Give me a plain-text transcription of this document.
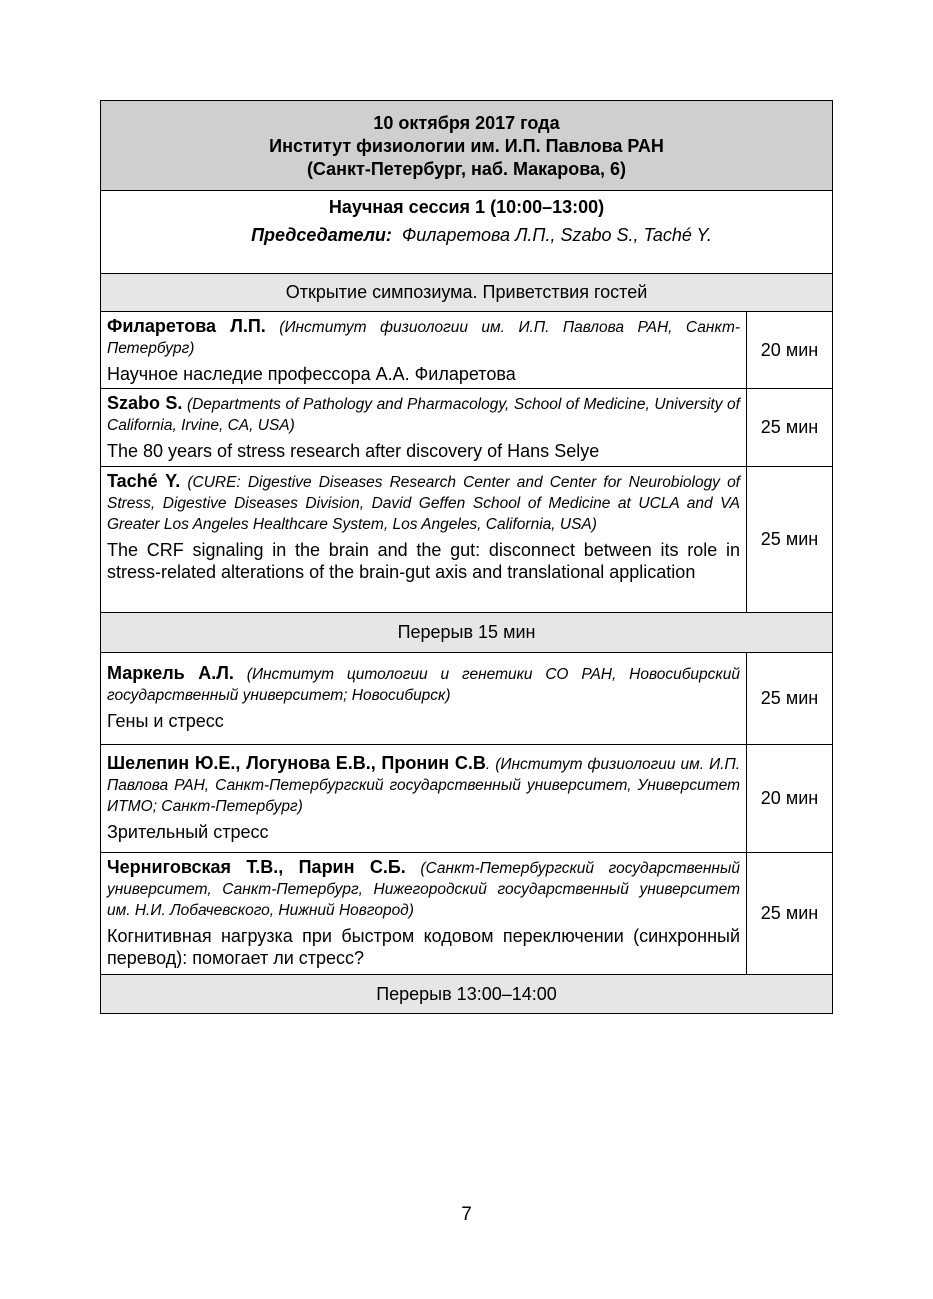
10 октября 2017 года
Институт физиологии им. И.П. Павлова РАН
(Санкт-Петербург, наб. Макарова, 6)
Научная сессия 1 (10:00–13:00)
Председатели: Филаретова Л.П., Szabo S., Taché Y.
Открытие симпозиума. Приветствия гостей
Филаретова Л.П. (Институт физиологии им. И.П. Павлова РАН, Санкт-Петербург)
Научное наследие профессора А.А. Филаретова
20 мин
Szabo S. (Departments of Pathology and Pharmacology, School of Medicine, University of California, Irvine, CA, USA)
The 80 years of stress research after discovery of Hans Selye
25 мин
Taché Y. (CURE: Digestive Diseases Research Center and Center for Neurobiology of Stress, Digestive Diseases Division, David Geffen School of Medicine at UCLA and VA Greater Los Angeles Healthcare System, Los Angeles, California, USA)
The CRF signaling in the brain and the gut: disconnect between its role in stress-related alterations of the brain-gut axis and translational application
25 мин
Перерыв 15 мин
Маркель А.Л. (Институт цитологии и генетики СО РАН, Новосибирский государственный университет; Новосибирск)
Гены и стресс
25 мин
Шелепин Ю.Е., Логунова Е.В., Пронин С.В. (Институт физиологии им. И.П. Павлова РАН, Санкт-Петербургский государственный университет, Университет ИТМО; Санкт-Петербург)
Зрительный стресс
20 мин
Черниговская Т.В., Парин С.Б. (Санкт-Петербургский государственный университет, Санкт-Петербург, Нижегородский государственный университет им. Н.И. Лобачевского, Нижний Новгород)
Когнитивная нагрузка при быстром кодовом переключении (синхронный перевод): помогает ли стресс?
25 мин
Перерыв 13:00–14:00
7
